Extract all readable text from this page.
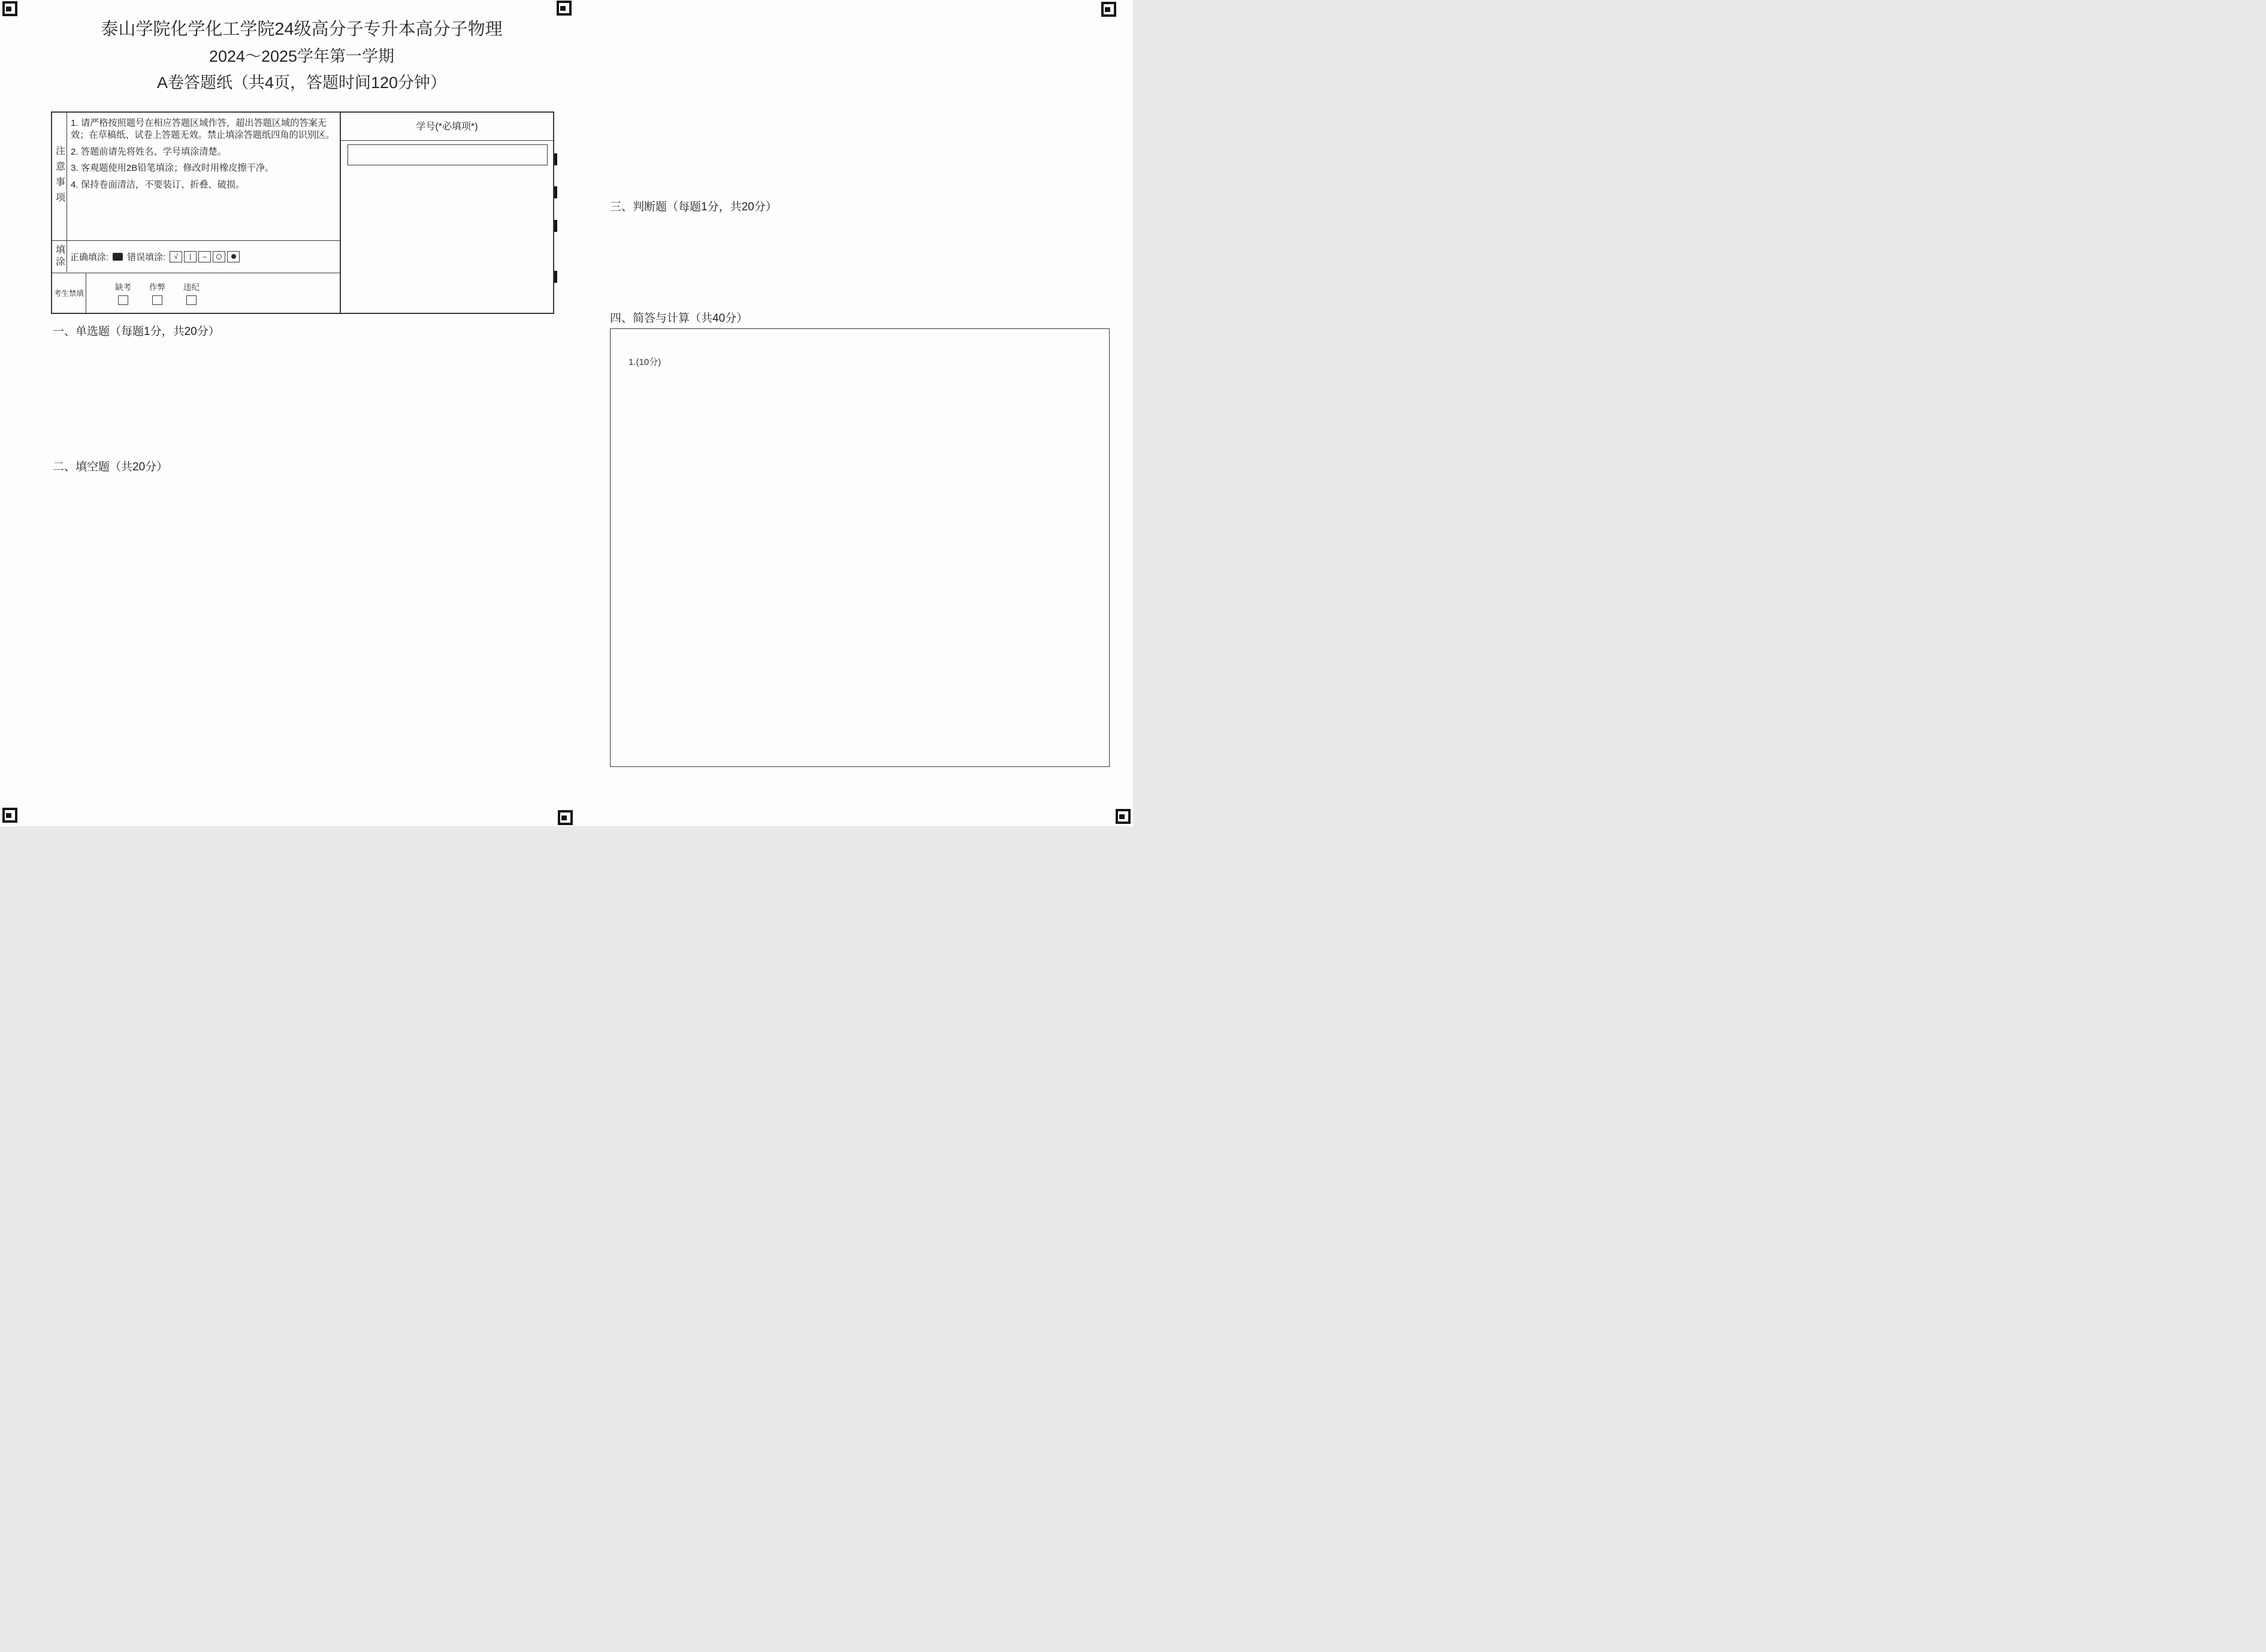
泰山学院化学化工学院24级高分子专升本高分子物理
2024～2025学年第一学期
A卷答题纸（共4页，答题时间120分钟）
注意事项
1. 请严格按照题号在相应答题区域作答，超出答题区域的答案无效；在草稿纸、试卷上答题无效。禁止填涂答题纸四角的识别区。
2. 答题前请先将姓名、学号填涂清楚。
3. 客观题使用2B铅笔填涂；修改时用橡皮擦干净。
4. 保持卷面清洁，不要装订、折叠、破损。
填涂 正确填涂: 错误填涂:	√ | –
考生禁填
缺考 作弊 违纪
学号(*必填项*)
一、单选题（每题1分，共20分）
二、填空题（共20分）
三、判断题（每题1分，共20分）
四、简答与计算（共40分）
1.(10分)
